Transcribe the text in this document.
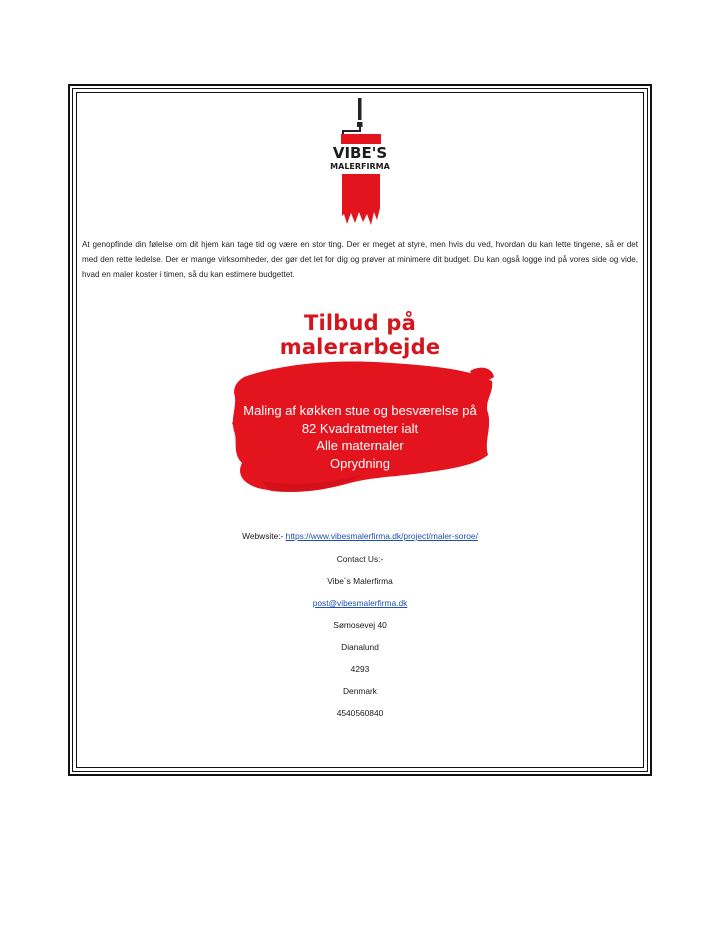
VIBE'S
MALERFIRMA

At genopfinde din følelse om dit hjem kan tage tid og være en stor ting. Der er meget at styre, men hvis du ved, hvordan du kan lette tingene, så er det med den rette ledelse. Der er mange virksomheder, der gør det let for dig og prøver at minimere dit budget. Du kan også logge ind på vores side og vide, hvad en maler koster i timen, så du kan estimere budgettet.

Tilbud på malerarbejde
Maling af køkken stue og besværelse på
82 Kvadratmeter ialt
Alle maternaler
Oprydning
Webwsite:- https://www.vibesmalerfirma.dk/project/maler-soroe/
Contact Us:-
Vibe´s Malerfirma
post@vibesmalerfirma.dk
Sømosevej 40
Dianalund
4293
Denmark
4540560840
